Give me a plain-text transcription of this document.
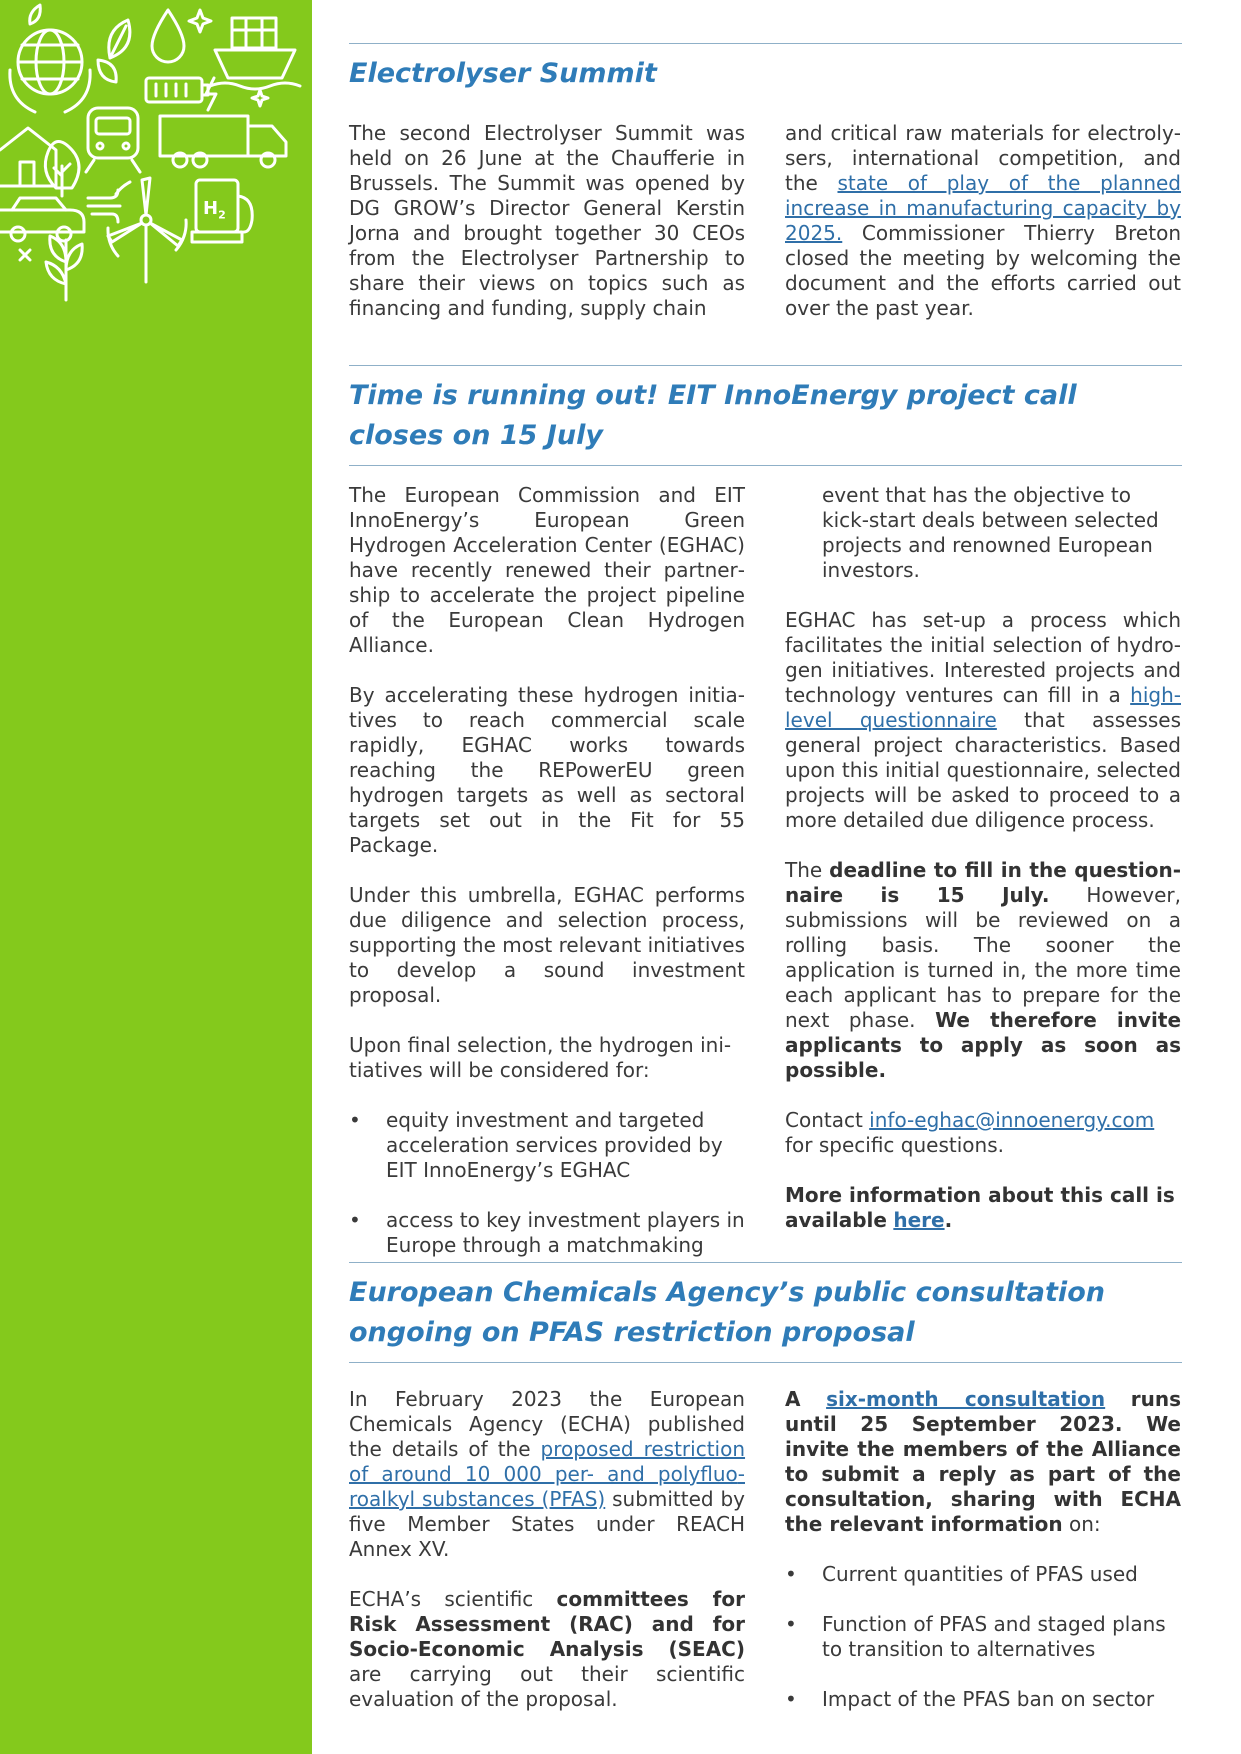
$H_2$
Electrolyser Summit

The second Electrolyser Summit was held on 26 June at the Chaufferie in Brussels. The Summit was opened by DG GROW’s Director General Kerstin Jorna and brought together 30 CEOs from the Electrolyser Partnership to share their views on topics such as financing and funding, supply chain

and critical raw materials for electrolysers, international competition, and the state of play of the planned increase in manufacturing capacity by 2025. Commissioner Thierry Breton closed the meeting by welcoming the document and the efforts carried out over the past year.

Time is running out! EIT InnoEnergy project call
closes on 15 July

The European Commission and EIT InnoEnergy’s European Green Hydrogen Acceleration Center (EGHAC) have recently renewed their partnership to accelerate the project pipeline of the European Clean Hydrogen Alliance.

By accelerating these hydrogen initiatives to reach commercial scale rapidly, EGHAC works towards reaching the REPowerEU green hydrogen targets as well as sectoral targets set out in the Fit for 55 Package.

Under this umbrella, EGHAC performs due diligence and selection process, supporting the most relevant initiatives to develop a sound investment proposal.

Upon final selection, the hydrogen initiatives will be considered for:

• equity investment and targeted acceleration services provided by EIT InnoEnergy’s EGHAC
• access to key investment players in Europe through a matchmaking

event that has the objective to kick-start deals between selected projects and renowned European investors.

EGHAC has set-up a process which facilitates the initial selection of hydrogen initiatives. Interested projects and technology ventures can fill in a high-level questionnaire that assesses general project characteristics. Based upon this initial questionnaire, selected projects will be asked to proceed to a more detailed due diligence process.

The deadline to fill in the questionnaire is 15 July. However, submissions will be reviewed on a rolling basis. The sooner the application is turned in, the more time each applicant has to prepare for the next phase. We therefore invite applicants to apply as soon as possible.

Contact info-eghac@innoenergy.com for specific questions.

More information about this call is available here.

European Chemicals Agency’s public consultation
ongoing on PFAS restriction proposal

In February 2023 the European Chemicals Agency (ECHA) published the details of the proposed restriction of around 10 000 per- and polyfluoroalkyl substances (PFAS) submitted by five Member States under REACH Annex XV.

ECHA’s scientific committees for Risk Assessment (RAC) and for Socio-Economic Analysis (SEAC) are carrying out their scientific evaluation of the proposal.

A six-month consultation runs until 25 September 2023. We invite the members of the Alliance to submit a reply as part of the consultation, sharing with ECHA the relevant information on:

• Current quantities of PFAS used
• Function of PFAS and staged plans to transition to alternatives
• Impact of the PFAS ban on sector
